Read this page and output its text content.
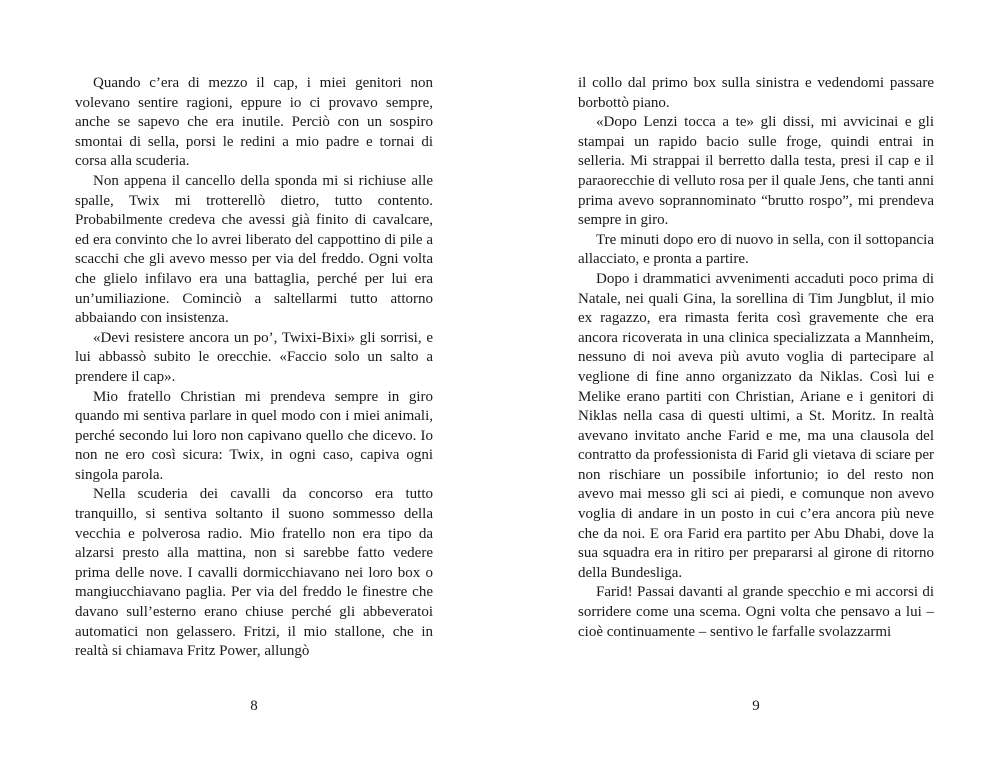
Quando c’era di mezzo il cap, i miei genitori non volevano sentire ragioni, eppure io ci provavo sempre, anche se sapevo che era inutile. Perciò con un sospiro smontai di sella, porsi le redini a mio padre e tornai di corsa alla scuderia.

Non appena il cancello della sponda mi si richiuse alle spalle, Twix mi trotterellò dietro, tutto contento. Probabilmente credeva che avessi già finito di cavalcare, ed era convinto che lo avrei liberato del cappottino di pile a scacchi che gli avevo messo per via del freddo. Ogni volta che glielo infilavo era una battaglia, perché per lui era un’umiliazione. Cominciò a saltellarmi tutto attorno abbaiando con insistenza.

«Devi resistere ancora un po’, Twixi-Bixi» gli sorrisi, e lui abbassò subito le orecchie. «Faccio solo un salto a prendere il cap».

Mio fratello Christian mi prendeva sempre in giro quando mi sentiva parlare in quel modo con i miei animali, perché secondo lui loro non capivano quello che dicevo. Io non ne ero così sicura: Twix, in ogni caso, capiva ogni singola parola.

Nella scuderia dei cavalli da concorso era tutto tranquillo, si sentiva soltanto il suono sommesso della vecchia e polverosa radio. Mio fratello non era tipo da alzarsi presto alla mattina, non si sarebbe fatto vedere prima delle nove. I cavalli dormicchiavano nei loro box o mangiucchiavano paglia. Per via del freddo le finestre che davano sull’esterno erano chiuse perché gli abbeveratoi automatici non gelassero. Fritzi, il mio stallone, che in realtà si chiamava Fritz Power, allungò

il collo dal primo box sulla sinistra e vedendomi passare borbottò piano.

«Dopo Lenzi tocca a te» gli dissi, mi avvicinai e gli stampai un rapido bacio sulle froge, quindi entrai in selleria. Mi strappai il berretto dalla testa, presi il cap e il paraorecchie di velluto rosa per il quale Jens, che tanti anni prima avevo soprannominato “brutto rospo”, mi prendeva sempre in giro.

Tre minuti dopo ero di nuovo in sella, con il sottopancia allacciato, e pronta a partire.

Dopo i drammatici avvenimenti accaduti poco prima di Natale, nei quali Gina, la sorellina di Tim Jungblut, il mio ex ragazzo, era rimasta ferita così gravemente che era ancora ricoverata in una clinica specializzata a Mannheim, nessuno di noi aveva più avuto voglia di partecipare al veglione di fine anno organizzato da Niklas. Così lui e Melike erano partiti con Christian, Ariane e i genitori di Niklas nella casa di questi ultimi, a St. Moritz. In realtà avevano invitato anche Farid e me, ma una clausola del contratto da professionista di Farid gli vietava di sciare per non rischiare un possibile infortunio; io del resto non avevo mai messo gli sci ai piedi, e comunque non avevo voglia di andare in un posto in cui c’era ancora più neve che da noi. E ora Farid era partito per Abu Dhabi, dove la sua squadra era in ritiro per prepararsi al girone di ritorno della Bundesliga.

Farid! Passai davanti al grande specchio e mi accorsi di sorridere come una scema. Ogni volta che pensavo a lui – cioè continuamente – sentivo le farfalle svolazzarmi

8	9
